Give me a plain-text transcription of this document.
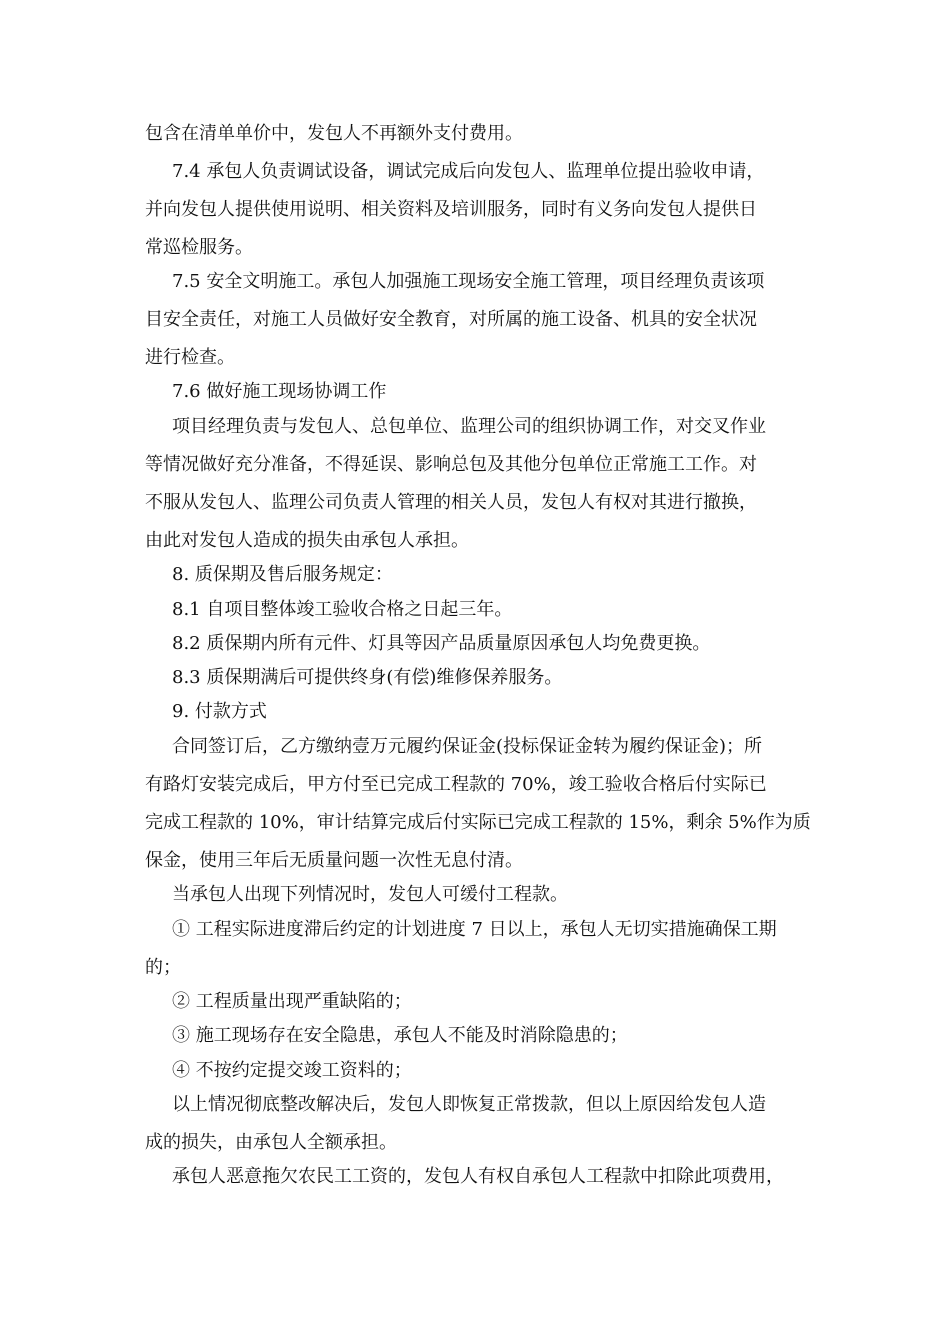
包含在清单单价中，发包人不再额外支付费用。
7.4 承包人负责调试设备，调试完成后向发包人、监理单位提出验收申请，
并向发包人提供使用说明、相关资料及培训服务，同时有义务向发包人提供日
常巡检服务。
7.5 安全文明施工。承包人加强施工现场安全施工管理，项目经理负责该项
目安全责任，对施工人员做好安全教育，对所属的施工设备、机具的安全状况
进行检查。
7.6 做好施工现场协调工作
项目经理负责与发包人、总包单位、监理公司的组织协调工作，对交叉作业
等情况做好充分准备，不得延误、影响总包及其他分包单位正常施工工作。对
不服从发包人、监理公司负责人管理的相关人员，发包人有权对其进行撤换，
由此对发包人造成的损失由承包人承担。
8. 质保期及售后服务规定：
8.1 自项目整体竣工验收合格之日起三年。
8.2 质保期内所有元件、灯具等因产品质量原因承包人均免费更换。
8.3 质保期满后可提供终身(有偿)维修保养服务。
9. 付款方式
合同签订后，乙方缴纳壹万元履约保证金(投标保证金转为履约保证金)；所
有路灯安装完成后，甲方付至已完成工程款的 70%，竣工验收合格后付实际已
完成工程款的 10%，审计结算完成后付实际已完成工程款的 15%，剩余 5%作为质
保金，使用三年后无质量问题一次性无息付清。
当承包人出现下列情况时，发包人可缓付工程款。
① 工程实际进度滞后约定的计划进度 7 日以上，承包人无切实措施确保工期
的；
② 工程质量出现严重缺陷的；
③ 施工现场存在安全隐患，承包人不能及时消除隐患的；
④ 不按约定提交竣工资料的；
以上情况彻底整改解决后，发包人即恢复正常拨款，但以上原因给发包人造
成的损失，由承包人全额承担。
承包人恶意拖欠农民工工资的，发包人有权自承包人工程款中扣除此项费用，
